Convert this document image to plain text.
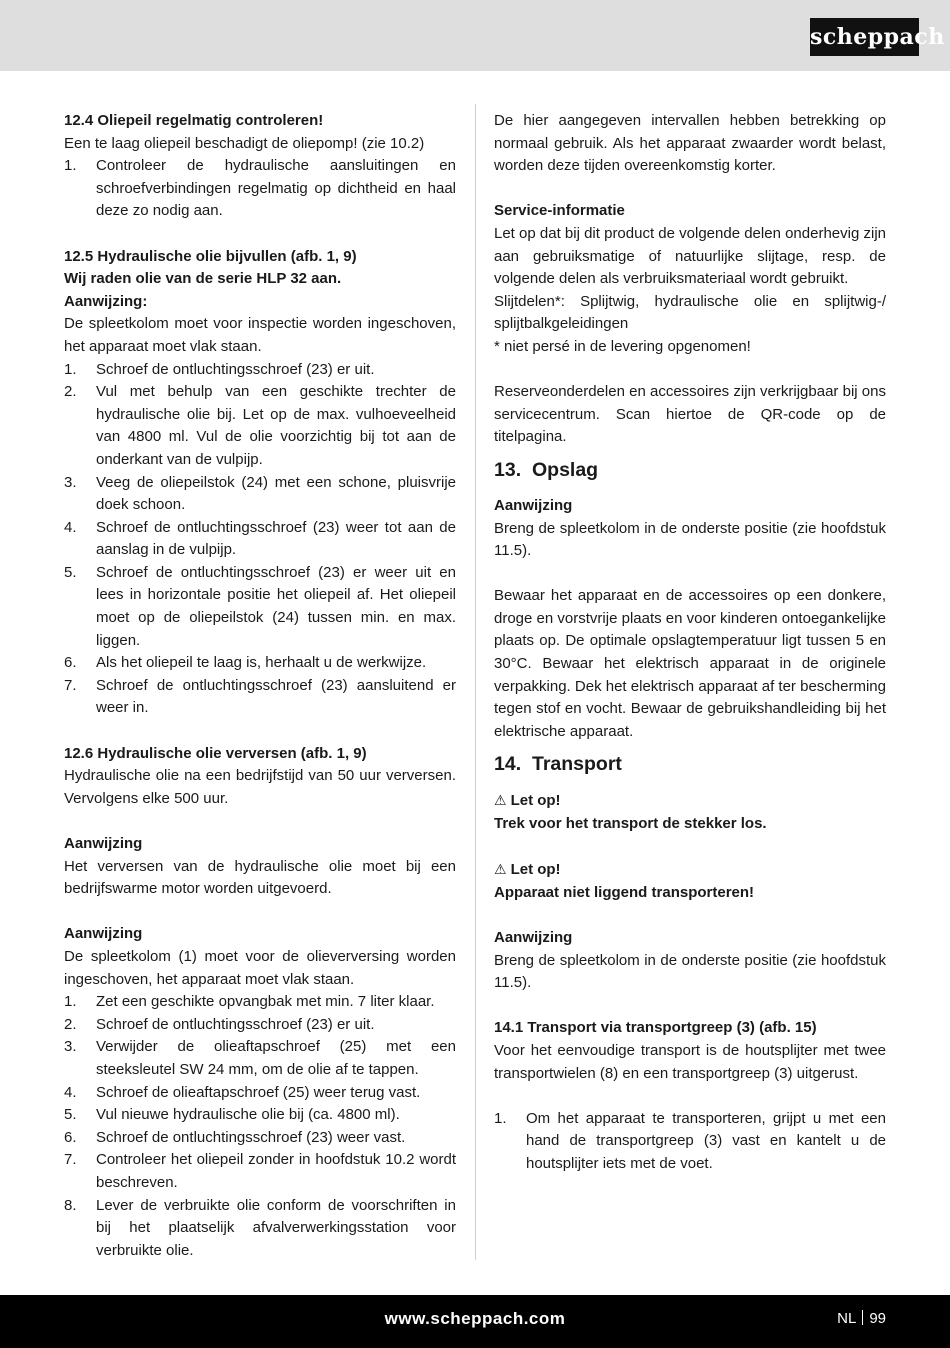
scheppach

12.4 Oliepeil regelmatig controleren!

Een te laag oliepeil beschadigt de oliepomp! (zie 10.2)

1. Controleer de hydraulische aansluitingen en schroefverbindingen regelmatig op dichtheid en haal deze zo nodig aan.

12.5 Hydraulische olie bijvullen (afb. 1, 9)

Wij raden olie van de serie HLP 32 aan.

Aanwijzing:

De spleetkolom moet voor inspectie worden ingeschoven, het apparaat moet vlak staan.

1. Schroef de ontluchtingsschroef (23) er uit.
2. Vul met behulp van een geschikte trechter de hydraulische olie bij. Let op de max. vulhoeveelheid van 4800 ml. Vul de olie voorzichtig bij tot aan de onderkant van de vulpijp.
3. Veeg de oliepeilstok (24) met een schone, pluisvrije doek schoon.
4. Schroef de ontluchtingsschroef (23) weer tot aan de aanslag in de vulpijp.
5. Schroef de ontluchtingsschroef (23) er weer uit en lees in horizontale positie het oliepeil af. Het oliepeil moet op de oliepeilstok (24) tussen min. en max. liggen.
6. Als het oliepeil te laag is, herhaalt u de werkwijze.
7. Schroef de ontluchtingsschroef (23) aansluitend er weer in.

12.6 Hydraulische olie verversen (afb. 1, 9)

Hydraulische olie na een bedrijfstijd van 50 uur verversen. Vervolgens elke 500 uur.

Aanwijzing

Het verversen van de hydraulische olie moet bij een bedrijfswarme motor worden uitgevoerd.

Aanwijzing

De spleetkolom (1) moet voor de olieverversing worden ingeschoven, het apparaat moet vlak staan.

1. Zet een geschikte opvangbak met min. 7 liter klaar.
2. Schroef de ontluchtingsschroef (23) er uit.
3. Verwijder de olieaftapschroef (25) met een steeksleutel SW 24 mm, om de olie af te tappen.
4. Schroef de olieaftapschroef (25) weer terug vast.
5. Vul nieuwe hydraulische olie bij (ca. 4800 ml).
6. Schroef de ontluchtingsschroef (23) weer vast.
7. Controleer het oliepeil zonder in hoofdstuk 10.2 wordt beschreven.
8. Lever de verbruikte olie conform de voorschriften in bij het plaatselijk afvalverwerkingsstation voor verbruikte olie.

De hier aangegeven intervallen hebben betrekking op normaal gebruik. Als het apparaat zwaarder wordt belast, worden deze tijden overeenkomstig korter.

Service-informatie

Let op dat bij dit product de volgende delen onderhevig zijn aan gebruiksmatige of natuurlijke slijtage, resp. de volgende delen als verbruiksmateriaal wordt gebruikt.

Slijtdelen*: Splijtwig, hydraulische olie en splijtwig-/ splijtbalkgeleidingen

* niet persé in de levering opgenomen!

Reserveonderdelen en accessoires zijn verkrijgbaar bij ons servicecentrum. Scan hiertoe de QR-code op de titelpagina.

13. Opslag

Aanwijzing

Breng de spleetkolom in de onderste positie (zie hoofdstuk 11.5).

Bewaar het apparaat en de accessoires op een donkere, droge en vorstvrije plaats en voor kinderen ontoegankelijke plaats op. De optimale opslagtemperatuur ligt tussen 5 en 30°C. Bewaar het elektrisch apparaat in de originele verpakking. Dek het elektrisch apparaat af ter bescherming tegen stof en vocht. Bewaar de gebruikshandleiding bij het elektrische apparaat.

14. Transport

⚠ Let op!

Trek voor het transport de stekker los.

⚠ Let op!

Apparaat niet liggend transporteren!

Aanwijzing

Breng de spleetkolom in de onderste positie (zie hoofdstuk 11.5).

14.1 Transport via transportgreep (3) (afb. 15)

Voor het eenvoudige transport is de houtsplijter met twee transportwielen (8) en een transportgreep (3) uitgerust.

1. Om het apparaat te transporteren, grijpt u met een hand de transportgreep (3) vast en kantelt u de houtsplijter iets met de voet.
www.scheppach.com	NL 99
